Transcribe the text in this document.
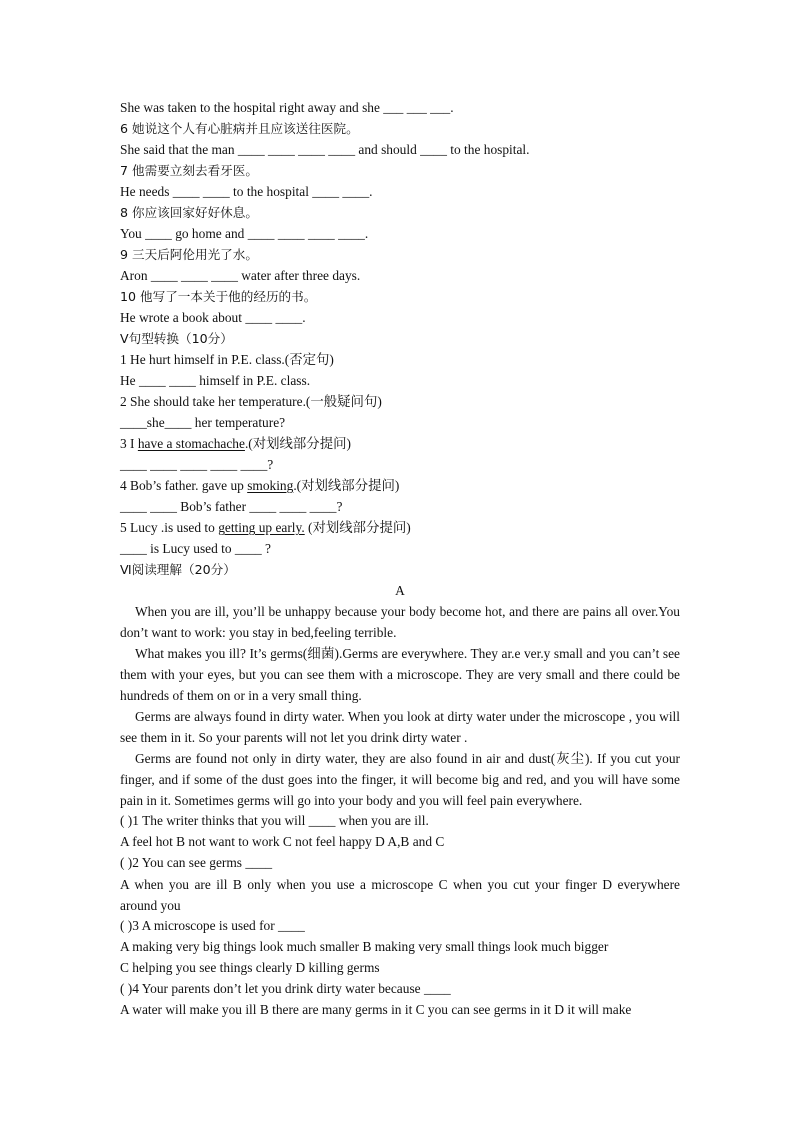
She was taken to the hospital right away and she ___ ___ ___.
6 她说这个人有心脏病并且应该送往医院。
She said that the man ____ ____ ____ ____ and should ____ to the hospital.
7 他需要立刻去看牙医。
He needs ____ ____ to the hospital ____ ____.
8 你应该回家好好休息。
You ____ go home and ____ ____ ____ ____.
9 三天后阿伦用光了水。
Aron ____ ____ ____ water after three days.
10 他写了一本关于他的经历的书。
He wrote a book about ____ ____.
Ⅴ句型转换（10分）
1 He hurt himself in P.E. class.(否定句)
He ____ ____ himself in P.E. class.
2 She should take her temperature.(一般疑问句)
____she____ her temperature?
3 I have a stomachache.(对划线部分提问)
____ ____ ____ ____ ____?
4 Bob’s father. gave up smoking.(对划线部分提问)
____ ____ Bob’s father ____ ____ ____?
5 Lucy .is used to getting up early. (对划线部分提问)
____ is Lucy used to ____ ?
Ⅵ阅读理解（20分）
A
When you are ill, you’ll be unhappy because your body become hot, and there are pains all over.You don’t want to work: you stay in bed,feeling terrible.
What makes you ill? It’s germs(细菌).Germs are everywhere. They ar.e ver.y small and you can’t see them with your eyes, but you can see them with a microscope. They are very small and there could be hundreds of them on or in a very small thing.
Germs are always found in dirty water. When you look at dirty water under the microscope , you will see them in it. So your parents will not let you drink dirty water .
Germs are found not only in dirty water, they are also found in air and dust(灰尘). If you cut your finger, and if some of the dust goes into the finger, it will become big and red, and you will have some pain in it. Sometimes germs will go into your body and you will feel pain everywhere.
( )1 The writer thinks that you will ____ when you are ill.
A feel hot B not want to work C not feel happy D A,B and C
( )2 You can see germs ____
A when you are ill B only when you use a microscope C when you cut your finger D everywhere around you
( )3 A microscope is used for ____
A making very big things look much smaller B making very small things look much bigger
C helping you see things clearly D killing germs
( )4 Your parents don’t let you drink dirty water because ____
A water will make you ill B there are many germs in it C you can see germs in it D it will make
